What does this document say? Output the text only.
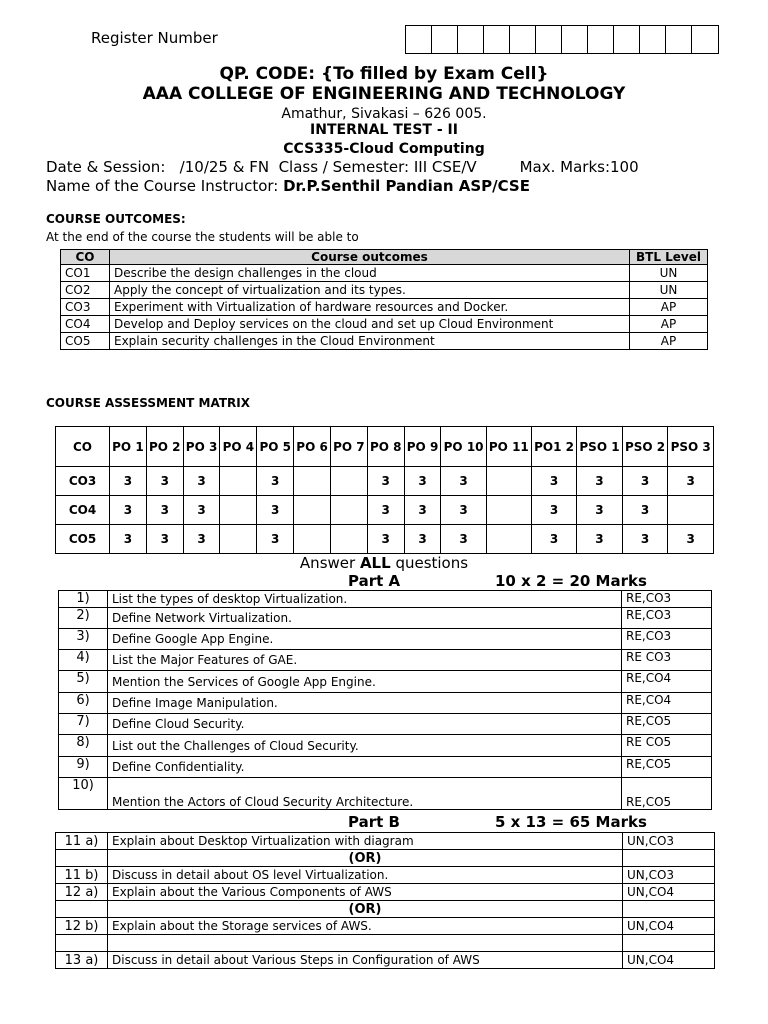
Register Number
QP. CODE: {To filled by Exam Cell}
AAA COLLEGE OF ENGINEERING AND TECHNOLOGY
Amathur, Sivakasi – 626 005.
INTERNAL TEST - II
CCS335-Cloud Computing
Date & Session:   /10/25 & FN  Class / Semester: III CSE/V         Max. Marks:100
Name of the Course Instructor: Dr.P.Senthil Pandian ASP/CSE
COURSE OUTCOMES:
At the end of the course the students will be able to
CO	Course outcomes	BTL Level
CO1	Describe the design challenges in the cloud	UN
CO2	Apply the concept of virtualization and its types.	UN
CO3	Experiment with Virtualization of hardware resources and Docker.	AP
CO4	Develop and Deploy services on the cloud and set up Cloud Environment	AP
CO5	Explain security challenges in the Cloud Environment	AP
COURSE ASSESSMENT MATRIX
CO	PO 1	PO 2	PO 3	PO 4	PO 5	PO 6	PO 7	PO 8	PO 9	PO 10	PO 11	PO1 2	PSO 1	PSO 2	PSO 3
CO3	3	3	3		3			3	3	3		3	3	3	3
CO4	3	3	3		3			3	3	3		3	3	3	
CO5	3	3	3		3			3	3	3		3	3	3	3
Answer ALL questions
Part A	10 x 2 = 20 Marks
1)	List the types of desktop Virtualization.	RE,CO3
2)	Define Network Virtualization.	RE,CO3
3)	Define Google App Engine.	RE,CO3
4)	List the Major Features of GAE.	RE CO3
5)	Mention the Services of Google App Engine.	RE,CO4
6)	Define Image Manipulation.	RE,CO4
7)	Define Cloud Security.	RE,CO5
8)	List out the Challenges of Cloud Security.	RE CO5
9)	Define Confidentiality.	RE,CO5
10)	Mention the Actors of Cloud Security Architecture.	RE,CO5
Part B	5 x 13 = 65 Marks
11 a)	Explain about Desktop Virtualization with diagram	UN,CO3
	(OR)	
11 b)	Discuss in detail about OS level Virtualization.	UN,CO3
12 a)	Explain about the Various Components of AWS	UN,CO4
	(OR)	
12 b)	Explain about the Storage services of AWS.	UN,CO4

13 a)	Discuss in detail about Various Steps in Configuration of AWS	UN,CO4
